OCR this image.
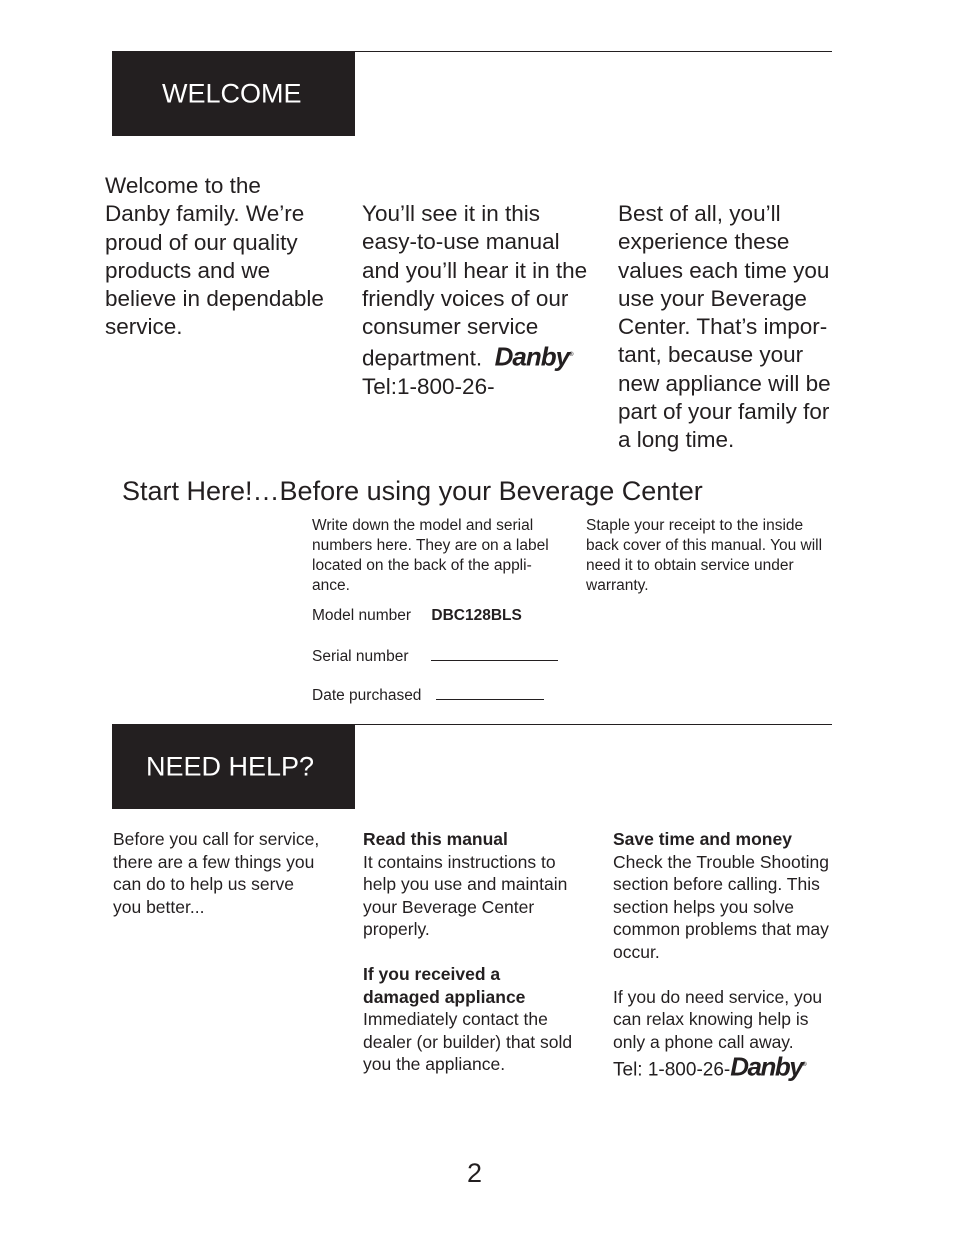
WELCOME
Welcome to the
Danby family. We’re
proud of our quality
products and we
believe in dependable
service.
You’ll see it in this
easy-to-use manual
and you’ll hear it in the
friendly voices of our
consumer service
department. Danby®
Tel:1-800-26-
Best of all, you’ll
experience these
values each time you
use your Beverage
Center. That’s impor-
tant, because your
new appliance will be
part of your family for
a long time.
Start Here!…Before using your Beverage Center
Write down the model and serial
numbers here. They are on a label
located on the back of the appli-
ance.
Staple your receipt to the inside
back cover of this manual. You will
need it to obtain service under
warranty.
Model number DBC128BLS
Serial number
Date purchased
NEED HELP?
Before you call for service,
there are a few things you
can do to help us serve
you better...
Read this manual
It contains instructions to
help you use and maintain
your Beverage Center
properly.

If you received a
damaged appliance
Immediately contact the
dealer (or builder) that sold
you the appliance.
Save time and money
Check the Trouble Shooting
section before calling. This
section helps you solve
common problems that may
occur.

If you do need service, you
can relax knowing help is
only a phone call away.
Tel: 1-800-26-Danby®
2
